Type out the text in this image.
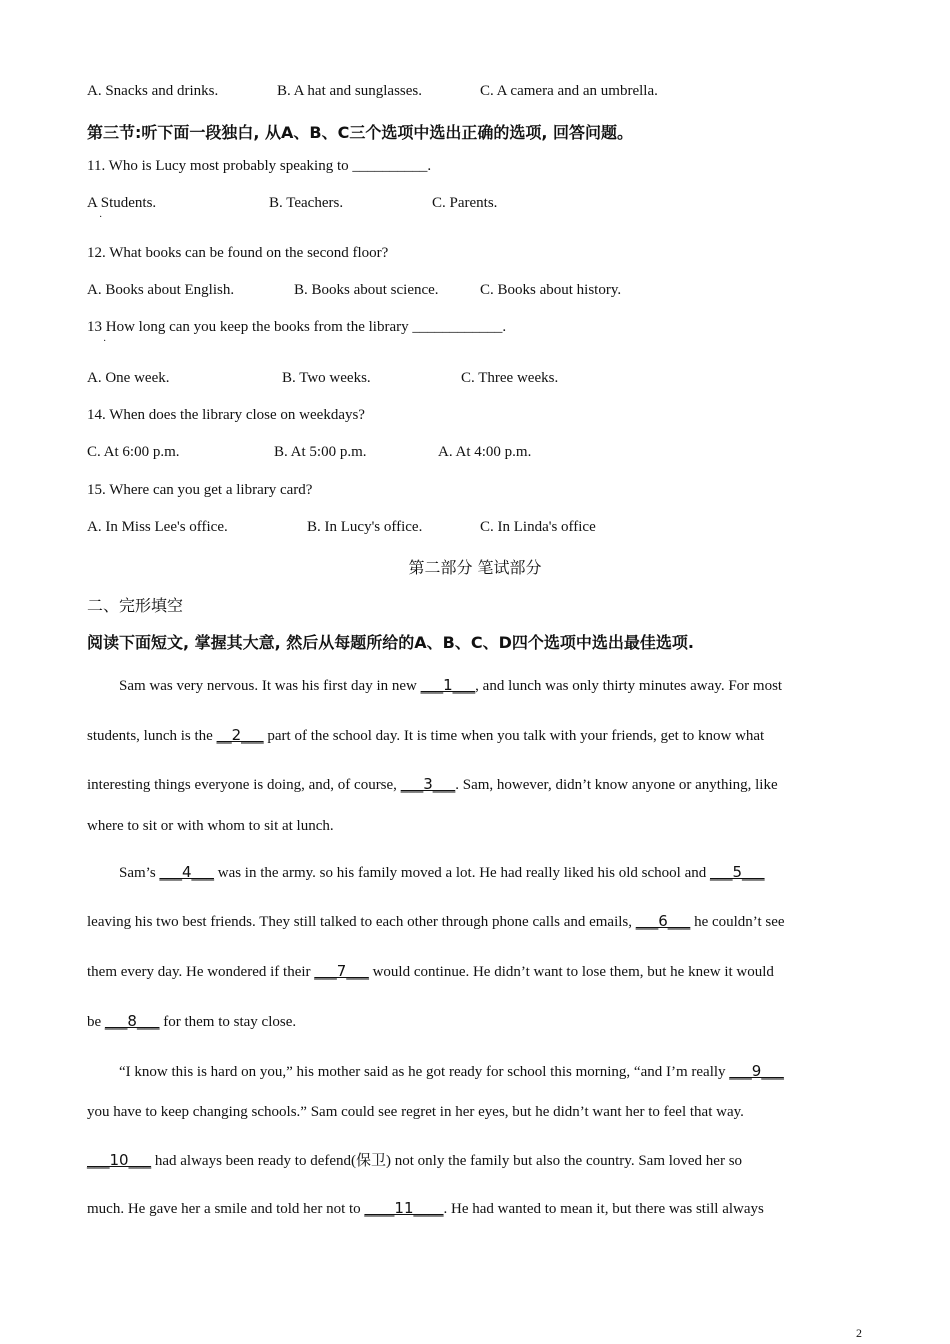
A. Snacks and drinks.	B. A hat and sunglasses.	C. A camera and an umbrella.
第三节:听下面一段独白, 从A、B、C三个选项中选出正确的选项, 回答问题。
11. Who is Lucy most probably speaking to __________.
A Students.	B. Teachers.	C. Parents.
·
12. What books can be found on the second floor?
A. Books about English.	B. Books about science.	C. Books about history.
13 How long can you keep the books from the library ____________.
·
A. One week.	B. Two weeks.	C. Three weeks.
14. When does the library close on weekdays?
C. At 6:00 p.m.	B. At 5:00 p.m.	A. At 4:00 p.m.
15. Where can you get a library card?
A. In Miss Lee's office.	B. In Lucy's office.	C. In Linda's office
第二部分 笔试部分
二、完形填空
阅读下面短文, 掌握其大意, 然后从每题所给的A、B、C、D四个选项中选出最佳选项.
Sam was very nervous. It was his first day in new ___1___, and lunch was only thirty minutes away. For most
students, lunch is the __2___ part of the school day. It is time when you talk with your friends, get to know what
interesting things everyone is doing, and, of course, ___3___. Sam, however, didn’t know anyone or anything, like
where to sit or with whom to sit at lunch.
Sam’s ___4___ was in the army. so his family moved a lot. He had really liked his old school and ___5___
leaving his two best friends. They still talked to each other through phone calls and emails, ___6___ he couldn’t see
them every day. He wondered if their ___7___ would continue. He didn’t want to lose them, but he knew it would
be ___8___ for them to stay close.
“I know this is hard on you,” his mother said as he got ready for school this morning, “and I’m really ___9___
you have to keep changing schools.” Sam could see regret in her eyes, but he didn’t want her to feel that way.
___10___ had always been ready to defend(保卫) not only the family but also the country. Sam loved her so
much. He gave her a smile and told her not to ____11____. He had wanted to mean it, but there was still always
2
